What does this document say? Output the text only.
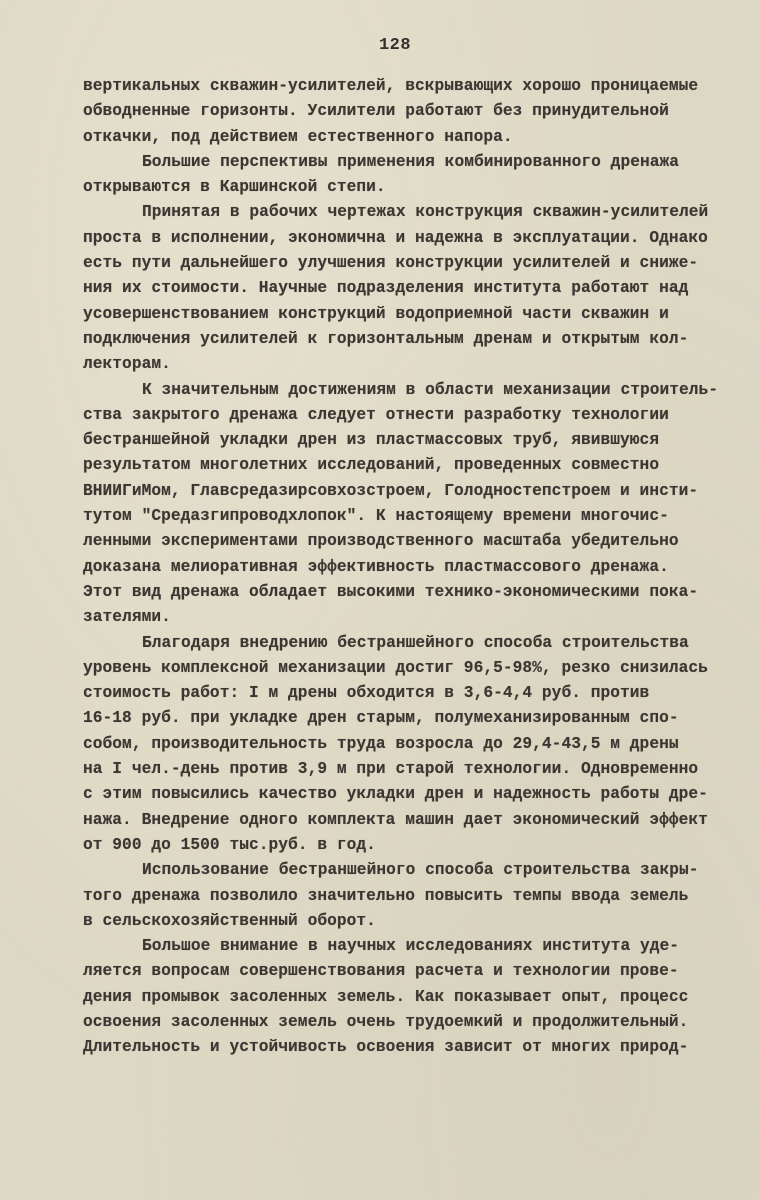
128
вертикальных скважин-усилителей, вскрывающих хорошо проницаемые
обводненные горизонты. Усилители работают без принудительной
откачки, под действием естественного напора.
Большие перспективы применения комбинированного дренажа
открываются в Каршинской степи.
Принятая в рабочих чертежах конструкция скважин-усилителей
проста в исполнении, экономична и надежна в эксплуатации. Однако
есть пути дальнейшего улучшения конструкции усилителей и сниже-
ния их стоимости. Научные подразделения института работают над
усовершенствованием конструкций водоприемной части скважин и
подключения усилителей к горизонтальным дренам и открытым кол-
лекторам.
К значительным достижениям в области механизации строитель-
ства закрытого дренажа следует отнести разработку технологии
бестраншейной укладки дрен из пластмассовых труб, явившуюся
результатом многолетних исследований, проведенных совместно
ВНИИГиМом, Главсредазирсовхозстроем, Голодностепстроем и инсти-
тутом "Средазгипроводхлопок". К настоящему времени многочис-
ленными экспериментами производственного масштаба убедительно
доказана мелиоративная эффективность пластмассового дренажа.
Этот вид дренажа обладает высокими технико-экономическими пока-
зателями.
Благодаря внедрению бестраншейного способа строительства
уровень комплексной механизации достиг 96,5-98%, резко снизилась
стоимость работ: I м дрены обходится в 3,6-4,4 руб. против
16-18 руб. при укладке дрен старым, полумеханизированным спо-
собом, производительность труда возросла до 29,4-43,5 м дрены
на I чел.-день против 3,9 м при старой технологии. Одновременно
с этим повысились качество укладки дрен и надежность работы дре-
нажа. Внедрение одного комплекта машин дает экономический эффект
от 900 до 1500 тыс.руб. в год.
Использование бестраншейного способа строительства закры-
того дренажа позволило значительно повысить темпы ввода земель
в сельскохозяйственный оборот.
Большое внимание в научных исследованиях института уде-
ляется вопросам совершенствования расчета и технологии прове-
дения промывок засоленных земель. Как показывает опыт, процесс
освоения засоленных земель очень трудоемкий и продолжительный.
Длительность и устойчивость освоения зависит от многих природ-
